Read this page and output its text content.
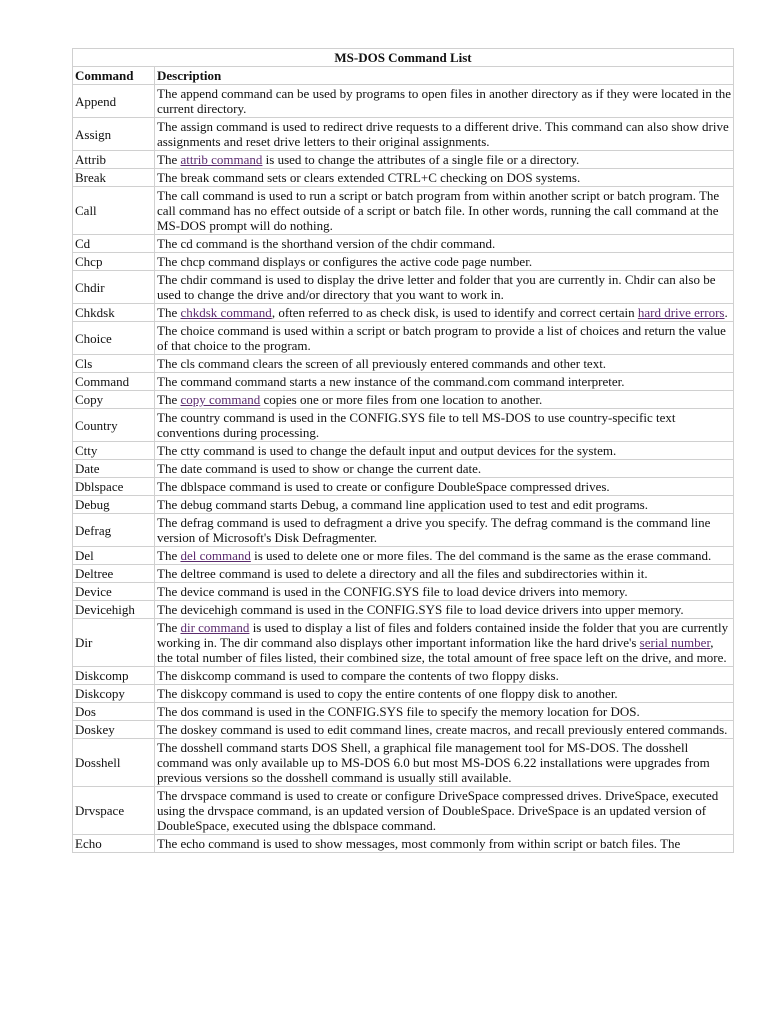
MS-DOS Command List	
Command	Description
Append	The append command can be used by programs to open files in another directory as if they were located in the current directory.
Assign	The assign command is used to redirect drive requests to a different drive. This command can also show drive assignments and reset drive letters to their original assignments.
Attrib	The attrib command is used to change the attributes of a single file or a directory.
Break	The break command sets or clears extended CTRL+C checking on DOS systems.
Call	The call command is used to run a script or batch program from within another script or batch program. The call command has no effect outside of a script or batch file. In other words, running the call command at the MS-DOS prompt will do nothing.
Cd	The cd command is the shorthand version of the chdir command.
Chcp	The chcp command displays or configures the active code page number.
Chdir	The chdir command is used to display the drive letter and folder that you are currently in. Chdir can also be used to change the drive and/or directory that you want to work in.
Chkdsk	The chkdsk command, often referred to as check disk, is used to identify and correct certain hard drive errors.
Choice	The choice command is used within a script or batch program to provide a list of choices and return the value of that choice to the program.
Cls	The cls command clears the screen of all previously entered commands and other text.
Command	The command command starts a new instance of the command.com command interpreter.
Copy	The copy command copies one or more files from one location to another.
Country	The country command is used in the CONFIG.SYS file to tell MS-DOS to use country-specific text conventions during processing.
Ctty	The ctty command is used to change the default input and output devices for the system.
Date	The date command is used to show or change the current date.
Dblspace	The dblspace command is used to create or configure DoubleSpace compressed drives.
Debug	The debug command starts Debug, a command line application used to test and edit programs.
Defrag	The defrag command is used to defragment a drive you specify. The defrag command is the command line version of Microsoft's Disk Defragmenter.
Del	The del command is used to delete one or more files. The del command is the same as the erase command.
Deltree	The deltree command is used to delete a directory and all the files and subdirectories within it.
Device	The device command is used in the CONFIG.SYS file to load device drivers into memory.
Devicehigh	The devicehigh command is used in the CONFIG.SYS file to load device drivers into upper memory.
Dir	The dir command is used to display a list of files and folders contained inside the folder that you are currently working in. The dir command also displays other important information like the hard drive's serial number, the total number of files listed, their combined size, the total amount of free space left on the drive, and more.
Diskcomp	The diskcomp command is used to compare the contents of two floppy disks.
Diskcopy	The diskcopy command is used to copy the entire contents of one floppy disk to another.
Dos	The dos command is used in the CONFIG.SYS file to specify the memory location for DOS.
Doskey	The doskey command is used to edit command lines, create macros, and recall previously entered commands.
Dosshell	The dosshell command starts DOS Shell, a graphical file management tool for MS-DOS. The dosshell command was only available up to MS-DOS 6.0 but most MS-DOS 6.22 installations were upgrades from previous versions so the dosshell command is usually still available.
Drvspace	The drvspace command is used to create or configure DriveSpace compressed drives. DriveSpace, executed using the drvspace command, is an updated version of DoubleSpace. DriveSpace is an updated version of DoubleSpace, executed using the dblspace command.
Echo	The echo command is used to show messages, most commonly from within script or batch files. The
